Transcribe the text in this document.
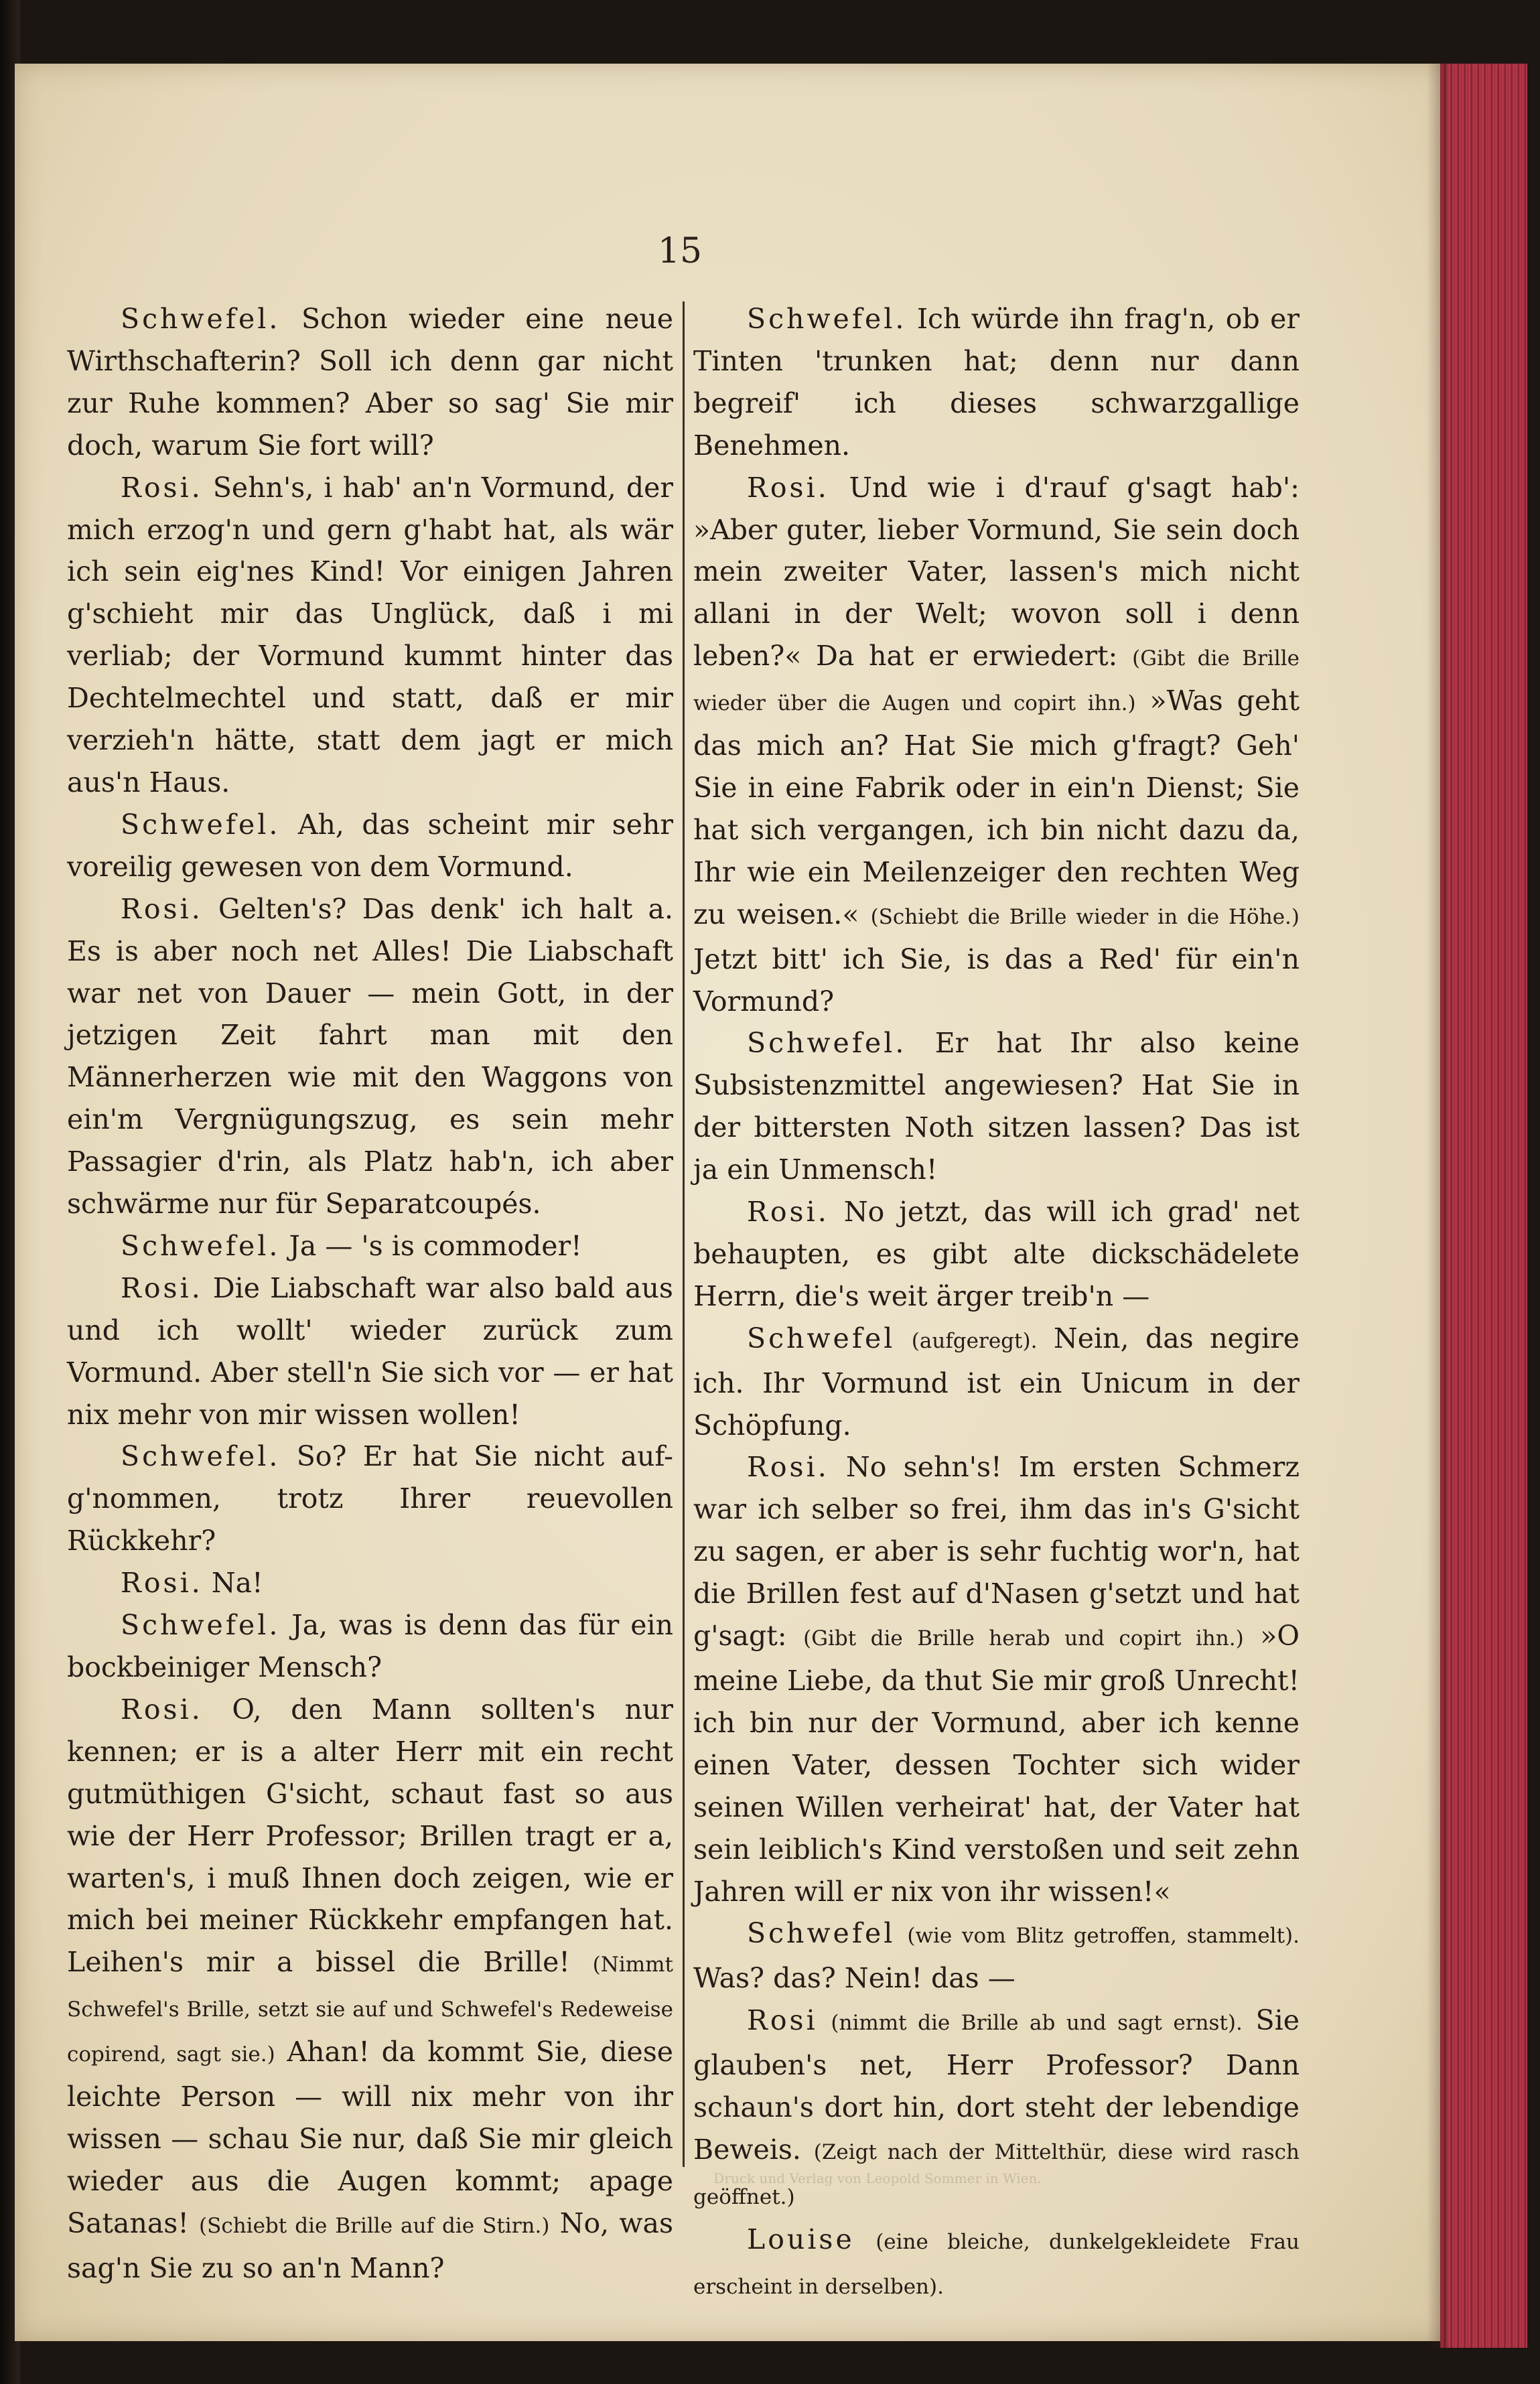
15

Schwefel. Schon wieder eine neue Wirthschafterin? Soll ich denn gar nicht zur Ruhe kommen? Aber so sag' Sie mir doch, warum Sie fort will?

Rosi. Sehn's, i hab' an'n Vormund, der mich erzog'n und gern g'habt hat, als wär ich sein eig'nes Kind! Vor einigen Jahren g'schieht mir das Unglück, daß i mi verliab; der Vormund kummt hinter das Dechtelmechtel und statt, daß er mir verzieh'n hätte, statt dem jagt er mich aus'n Haus.

Schwefel. Ah, das scheint mir sehr voreilig gewesen von dem Vormund.

Rosi. Gelten's? Das denk' ich halt a. Es is aber noch net Alles! Die Liabschaft war net von Dauer — mein Gott, in der jetzigen Zeit fahrt man mit den Männerherzen wie mit den Waggons von ein'm Vergnügungszug, es sein mehr Passagier d'rin, als Platz hab'n, ich aber schwärme nur für Separatcoupés.

Schwefel. Ja — 's is commoder!

Rosi. Die Liabschaft war also bald aus und ich wollt' wieder zurück zum Vormund. Aber stell'n Sie sich vor — er hat nix mehr von mir wissen wollen!

Schwefel. So? Er hat Sie nicht auf-g'nommen, trotz Ihrer reuevollen Rückkehr?

Rosi. Na!

Schwefel. Ja, was is denn das für ein bockbeiniger Mensch?

Rosi. O, den Mann sollten's nur kennen; er is a alter Herr mit ein recht gutmüthigen G'sicht, schaut fast so aus wie der Herr Professor; Brillen tragt er a, warten's, i muß Ihnen doch zeigen, wie er mich bei meiner Rückkehr empfangen hat. Leihen's mir a bissel die Brille! (Nimmt Schwefel's Brille, setzt sie auf und Schwefel's Redeweise copirend, sagt sie.) Ahan! da kommt Sie, diese leichte Person — will nix mehr von ihr wissen — schau Sie nur, daß Sie mir gleich wieder aus die Augen kommt; apage Satanas! (Schiebt die Brille auf die Stirn.) No, was sag'n Sie zu so an'n Mann?

Schwefel. Ich würde ihn frag'n, ob er Tinten 'trunken hat; denn nur dann begreif' ich dieses schwarzgallige Benehmen.

Rosi. Und wie i d'rauf g'sagt hab': »Aber guter, lieber Vormund, Sie sein doch mein zweiter Vater, lassen's mich nicht allani in der Welt; wovon soll i denn leben?« Da hat er erwiedert: (Gibt die Brille wieder über die Augen und copirt ihn.) »Was geht das mich an? Hat Sie mich g'fragt? Geh' Sie in eine Fabrik oder in ein'n Dienst; Sie hat sich vergangen, ich bin nicht dazu da, Ihr wie ein Meilenzeiger den rechten Weg zu weisen.« (Schiebt die Brille wieder in die Höhe.) Jetzt bitt' ich Sie, is das a Red' für ein'n Vormund?

Schwefel. Er hat Ihr also keine Subsistenzmittel angewiesen? Hat Sie in der bittersten Noth sitzen lassen? Das ist ja ein Unmensch!

Rosi. No jetzt, das will ich grad' net behaupten, es gibt alte dickschädelete Herrn, die's weit ärger treib'n —

Schwefel (aufgeregt). Nein, das negire ich. Ihr Vormund ist ein Unicum in der Schöpfung.

Rosi. No sehn's! Im ersten Schmerz war ich selber so frei, ihm das in's G'sicht zu sagen, er aber is sehr fuchtig wor'n, hat die Brillen fest auf d'Nasen g'setzt und hat g'sagt: (Gibt die Brille herab und copirt ihn.) »O meine Liebe, da thut Sie mir groß Unrecht! ich bin nur der Vormund, aber ich kenne einen Vater, dessen Tochter sich wider seinen Willen verheirat' hat, der Vater hat sein leiblich's Kind verstoßen und seit zehn Jahren will er nix von ihr wissen!«

Schwefel (wie vom Blitz getroffen, stammelt). Was? das? Nein! das —

Rosi (nimmt die Brille ab und sagt ernst). Sie glauben's net, Herr Professor? Dann schaun's dort hin, dort steht der lebendige Beweis. (Zeigt nach der Mittelthür, diese wird rasch geöffnet.)

Louise (eine bleiche, dunkelgekleidete Frau erscheint in derselben).

Druck und Verlag von Leopold Sommer in Wien.
